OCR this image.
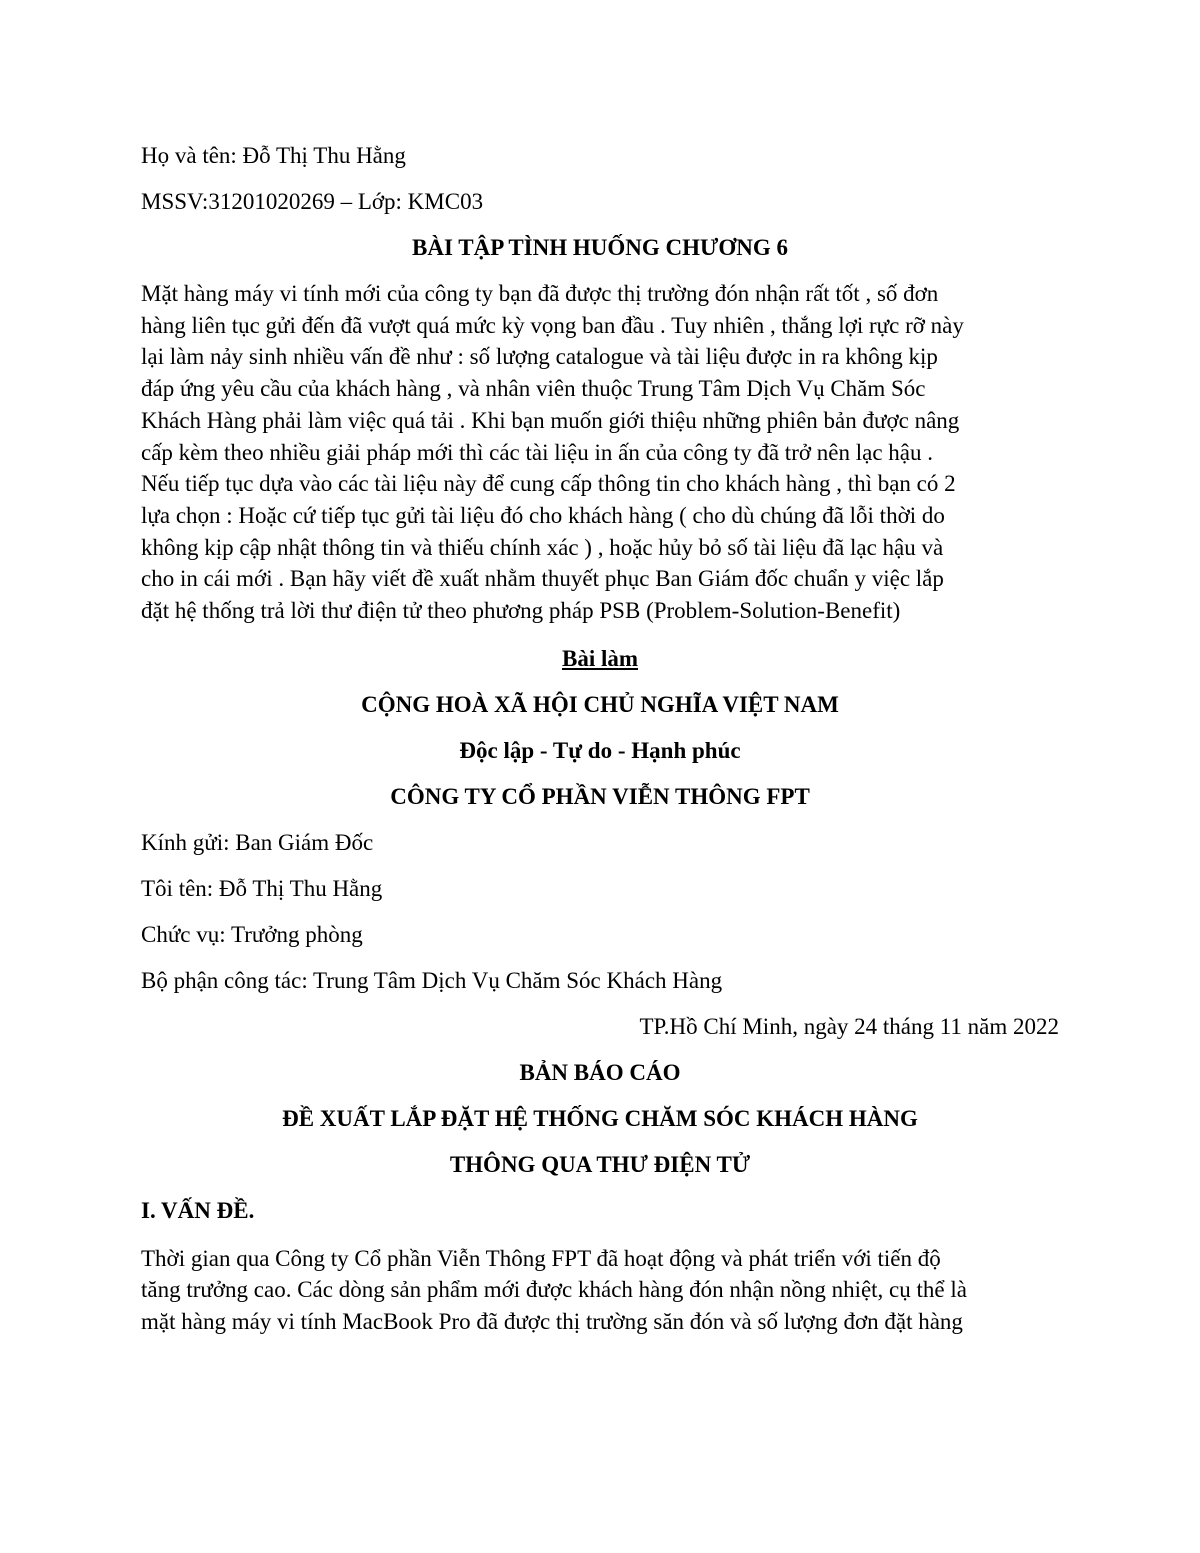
Họ và tên: Đỗ Thị Thu Hằng

MSSV:31201020269 – Lớp: KMC03

BÀI TẬP TÌNH HUỐNG CHƯƠNG 6

Mặt hàng máy vi tính mới của công ty bạn đã được thị trường đón nhận rất tốt , số đơn
hàng liên tục gửi đến đã vượt quá mức kỳ vọng ban đầu . Tuy nhiên , thắng lợi rực rỡ này
lại làm nảy sinh nhiều vấn đề như : số lượng catalogue và tài liệu được in ra không kịp
đáp ứng yêu cầu của khách hàng , và nhân viên thuộc Trung Tâm Dịch Vụ Chăm Sóc
Khách Hàng phải làm việc quá tải . Khi bạn muốn giới thiệu những phiên bản được nâng
cấp kèm theo nhiều giải pháp mới thì các tài liệu in ấn của công ty đã trở nên lạc hậu .
Nếu tiếp tục dựa vào các tài liệu này để cung cấp thông tin cho khách hàng , thì bạn có 2
lựa chọn : Hoặc cứ tiếp tục gửi tài liệu đó cho khách hàng ( cho dù chúng đã lỗi thời do
không kịp cập nhật thông tin và thiếu chính xác ) , hoặc hủy bỏ số tài liệu đã lạc hậu và
cho in cái mới . Bạn hãy viết đề xuất nhằm thuyết phục Ban Giám đốc chuẩn y việc lắp
đặt hệ thống trả lời thư điện tử theo phương pháp PSB (Problem-Solution-Benefit)

Bài làm

CỘNG HOÀ XÃ HỘI CHỦ NGHĨA VIỆT NAM

Độc lập - Tự do - Hạnh phúc

CÔNG TY CỔ PHẦN VIỄN THÔNG FPT

Kính gửi: Ban Giám Đốc

Tôi tên: Đỗ Thị Thu Hằng

Chức vụ: Trưởng phòng

Bộ phận công tác: Trung Tâm Dịch Vụ Chăm Sóc Khách Hàng

TP.Hồ Chí Minh, ngày 24 tháng 11 năm 2022

BẢN BÁO CÁO

ĐỀ XUẤT LẮP ĐẶT HỆ THỐNG CHĂM SÓC KHÁCH HÀNG

THÔNG QUA THƯ ĐIỆN TỬ

I. VẤN ĐỀ.

Thời gian qua Công ty Cổ phần Viễn Thông FPT đã hoạt động và phát triển với tiến độ
tăng trưởng cao. Các dòng sản phẩm mới được khách hàng đón nhận nồng nhiệt, cụ thể là
mặt hàng máy vi tính MacBook Pro đã được thị trường săn đón và số lượng đơn đặt hàng
